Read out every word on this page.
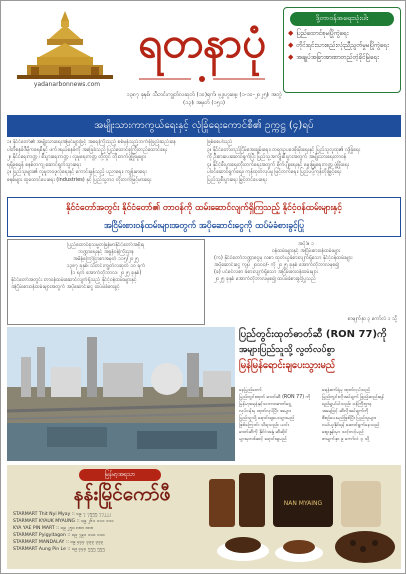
yadanarbonnews.com
ရတနာပုံ
၁၃၈၇ ခုနှစ်၊ သီတင်းကျွတ်လဆုတ် (၁၀)ရက်၊ ဗုဒ္ဓဟူးနေ့၊ (၁-၁၀-၂၀၂၅)၊ အတွဲ (၁၃)၊ အမှတ် (၁၅၁)
ဒို့တာဝန်အရေးသုံးပါး
◆ ပြည်ထောင်စုမပြိုကွဲရေး
◆ တိုင်းရင်းသားစည်းလုံးညီညွတ်မှုမပြိုကွဲရေး
◆ အချုပ်အခြာအာဏာတည်တံ့ခိုင်မြဲရေး
အမျိုးသားကာကွယ်ရေးနှင့် လုံခြုံရေးကောင်စီ၏ ဥက္ကဋ္ဌ (၄)ရပ်
၁။ နိုင်ငံတော်၏ အမျိုးသားရေးအမြင်များဖြင့် အရေးကြီးသည့် စစ်မှန်သည့်ဘက်စုံဖြည့်ဆည်းနေ
ပါတီစနစ်ဒီမိုကရေစီနှင့် ဖက်ဒရယ်စနစ်ကို အခြေခံသည့် ပြည်ထောင်စုကြီးတည်ထောင်ရေး
၂။ နိုင်ငံရေးကဏ္ဍ ၊ စီးပွားရေးကဏ္ဍ ၊ လူမှုရေးကဏ္ဍ တို့တွင် တိုးတက်ဖွံ့ဖြိုးမှုများ
ရရှိစေရန် စနစ်တကျ ဆောင်ရွက်သွားရေး
၃။ ပြည်သူများ၏ လူမှုဘဝဖူလုံရေးနှင့် ကောင်းမွန်သည့် ပညာရေး၊ ကျန်းမာရေး
စနစ်များ ထူထောင်ပေးရေး (industries) နှင့် ပြည်သူ့ဘဝ တိုးတက်မြင့်မားရေး
ဖြစ်စေပါသည်
၃။ နိုင်ငံတော်တည်ငြိမ်အေးချမ်းရေး၊ တရားဥပဒေစိုးမိုးရေးနှင့် ပြည်သူလူထု၏ လုံခြုံရေး
ကို ဦးစားပေးဆောင်ရွက်ပြီး ပြည်သူ့အကျိုးစီးပွားအတွက် အမျိုးသားရေးတာဝန်
၄။ နိုင်ငံ့စီးပွားရေးတိုးတက်ရေးအတွက် စိုက်ပျိုးရေးနှင့် မွေးမြူရေးကဏ္ဍ ဖွံ့ဖြိုးရေး
ပါဝင်ဆောင်ရွက်ရေး၊ ကုန်ထုတ်လုပ်မှု မြင့်တက်ရေး၊ ပြည်ပပို့ကုန်တိုးမြှင့်ရေး
ပြည်သူ့စီးပွားရေး မြှင့်တင်ပေးရေး
နိုင်ငံတော်အတွင်း နိုင်ငံတော်၏ တာဝန်ကို ထမ်းဆောင်လျက်ရှိကြသည့် နိုင်ငံ့ဝန်ထမ်းများနှင့်
အငြိမ်းစားဝန်ထမ်းများအတွက် အပိုဆောင်းငွေကို ထပ်မံခံစားခွင့်ပြု
ပြည်ထောင်စုသမ္မတမြန်မာနိုင်ငံတော်အစိုးရ
ဘဏ္ဍာရေးနှင့် အခွန်ဝန်ကြီးဌာန
အမိန့်ကြော်ငြာစာအမှတ် ၁၁၅/၂၀၂၅
၁၃၈၇ ခုနှစ်၊ သီတင်းကျွတ်လဆုတ် ၁၀ ရက်
(၁ ရက် အောက်တိုဘာလ၊ ၂၀၂၅ ခုနှစ်)
နိုင်ငံတော်အတွင်း တာဝန်ထမ်းဆောင်လျက်ရှိသည့် နိုင်ငံ့ဝန်ထမ်းများနှင့်
အငြိမ်းစားဝန်ထမ်းများအတွက် အပိုဆောင်းငွေ ထပ်မံခံစားခွင့်
အပိုဒ်။ ၁
ဝန်ထမ်းများနှင့် အငြိမ်းစားဝန်ထမ်းများ
(က) နိုင်ငံတော်ဘဏ္ဍာငွေမှ လစာ ထုတ်ယူခံစားလျက်ရှိသော နိုင်ငံ့ဝန်ထမ်းများ
အပိုဆောင်းငွေ ကျပ် ၂၀၀၀၀/- ကို ၂၀၂၅ ခုနှစ် အောက်တိုဘာလမှစ၍
(ခ) ပင်စင်လစာ ခံစားလျက်ရှိသော အငြိမ်းစားဝန်ထမ်းများ
၂၀၂၅ ခုနှစ် အောက်တိုဘာလမှစ၍ ထပ်မံခံစားခွင့်ပြုသည်
စာမျက်နှာ ၃ ကော်လံ ၁ သို့
ပြည်တွင်းထုတ်ဓာတ်ဆီ (RON 77)ကို
အများပြည်သူသို့ လွတ်လပ်စွာ
မြန်မြန်ရောင်းချပေးသွားမည်
နေပြည်တော်
ပြည်တွင်းထုတ် ဓာတ်ဆီ (RON 77) ကို
မြန်မာ့ရေနံနှင့်သဘာဝဓာတ်ငွေ့
လုပ်ငန်းမှ ထုတ်လုပ်ပြီး အများ
ပြည်သူသို့ ရောင်းချပေးသွားမည်
ဖြစ်ကြောင်း သိရသည်။ ယင်း
ဓာတ်ဆီကို နိုင်ငံအနှံ့ ဆီဆိုင်
များမှတစ်ဆင့် ရောင်းချမည်
ရေနံစက်ရုံမှ ထုတ်လုပ်သည်
ပြည်တွင်းလိုအပ်ချက် ဖြည့်ဆည်းရန်
ရည်ရွယ်ပါသည်။ ဝန်ကြီးဌာန
အနေဖြင့် ဆီလိုအပ်ချက်ကို
စီစဉ်ပေးမည်ဖြစ်ပြီး ပြည်သူများ
ဝယ်ယူနိုင်ရန် ဆောင်ရွက်နေသည်
ဈေးနှုန်းမှာ သင့်တင့်မည်
စာမျက်နှာ ၉ ကော်လံ ၃ သို့
မြန်မာ့အရသာ
နန်းမြိုင်ကော်ဖီ
STARMART Thit Nyi Myay :: ၀၉ ၇ ၇၅၅၅ ၇၇၂၂၂
STARMART KYAUK MYAUNG :: ၀၉ ၂၆၁ ၁၁၁ ၁၁၁
KYA YAE PIN MART :: ၀၉ ၂၅၀ ၈၈၈ ၈၈၈
STARMART Pyigyitagon :: ၀၉ ၇၉၁ ၁၁၀ ၁၁၀
STARMART MANDALAY :: ၀၉ ၄၄၄ ၃၃၃ ၃၃၃
STARMART Aung Pin Le :: ၀၉ ၄၄၄ ၅၅၅ ၅၅၅
NAN MYAING
